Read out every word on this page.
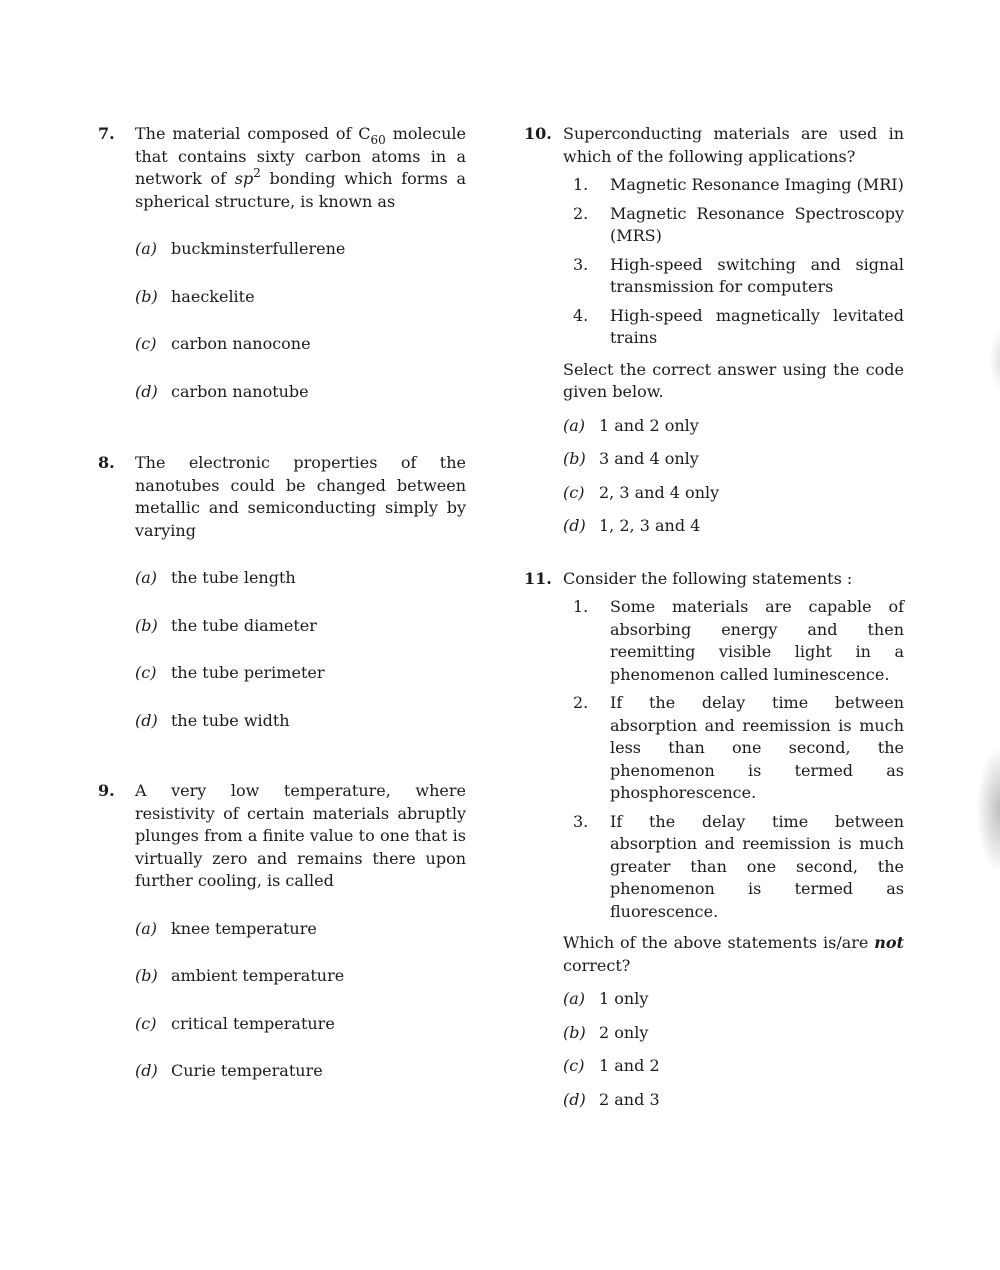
7.	The material composed of $C_{60}$ molecule that contains sixty carbon atoms in a network of $sp^2$ bonding which forms a spherical structure, is known as

(a) buckminsterfullerene
(b) haeckelite
(c) carbon nanocone
(d) carbon nanotube
8.	The electronic properties of the nanotubes could be changed between metallic and semiconducting simply by varying

(a) the tube length
(b) the tube diameter
(c) the tube perimeter
(d) the tube width
9.	A very low temperature, where resistivity of certain materials abruptly plunges from a finite value to one that is virtually zero and remains there upon further cooling, is called

(a) knee temperature
(b) ambient temperature
(c) critical temperature
(d) Curie temperature
10. Superconducting materials are used in which of the following applications?

1.	Magnetic Resonance Imaging (MRI)
2.	Magnetic Resonance Spectroscopy (MRS)
3.	High-speed switching and signal transmission for computers
4.	High-speed magnetically levitated trains

Select the correct answer using the code given below.

(a) 1 and 2 only
(b) 3 and 4 only
(c) 2, 3 and 4 only
(d) 1, 2, 3 and 4
11. Consider the following statements :

1.	Some materials are capable of absorbing energy and then reemitting visible light in a phenomenon called luminescence.
2.	If the delay time between absorption and reemission is much less than one second, the phenomenon is termed as phosphorescence.
3.	If the delay time between absorption and reemission is much greater than one second, the phenomenon is termed as fluorescence.

Which of the above statements is/are not correct?

(a) 1 only
(b) 2 only
(c) 1 and 2
(d) 2 and 3
